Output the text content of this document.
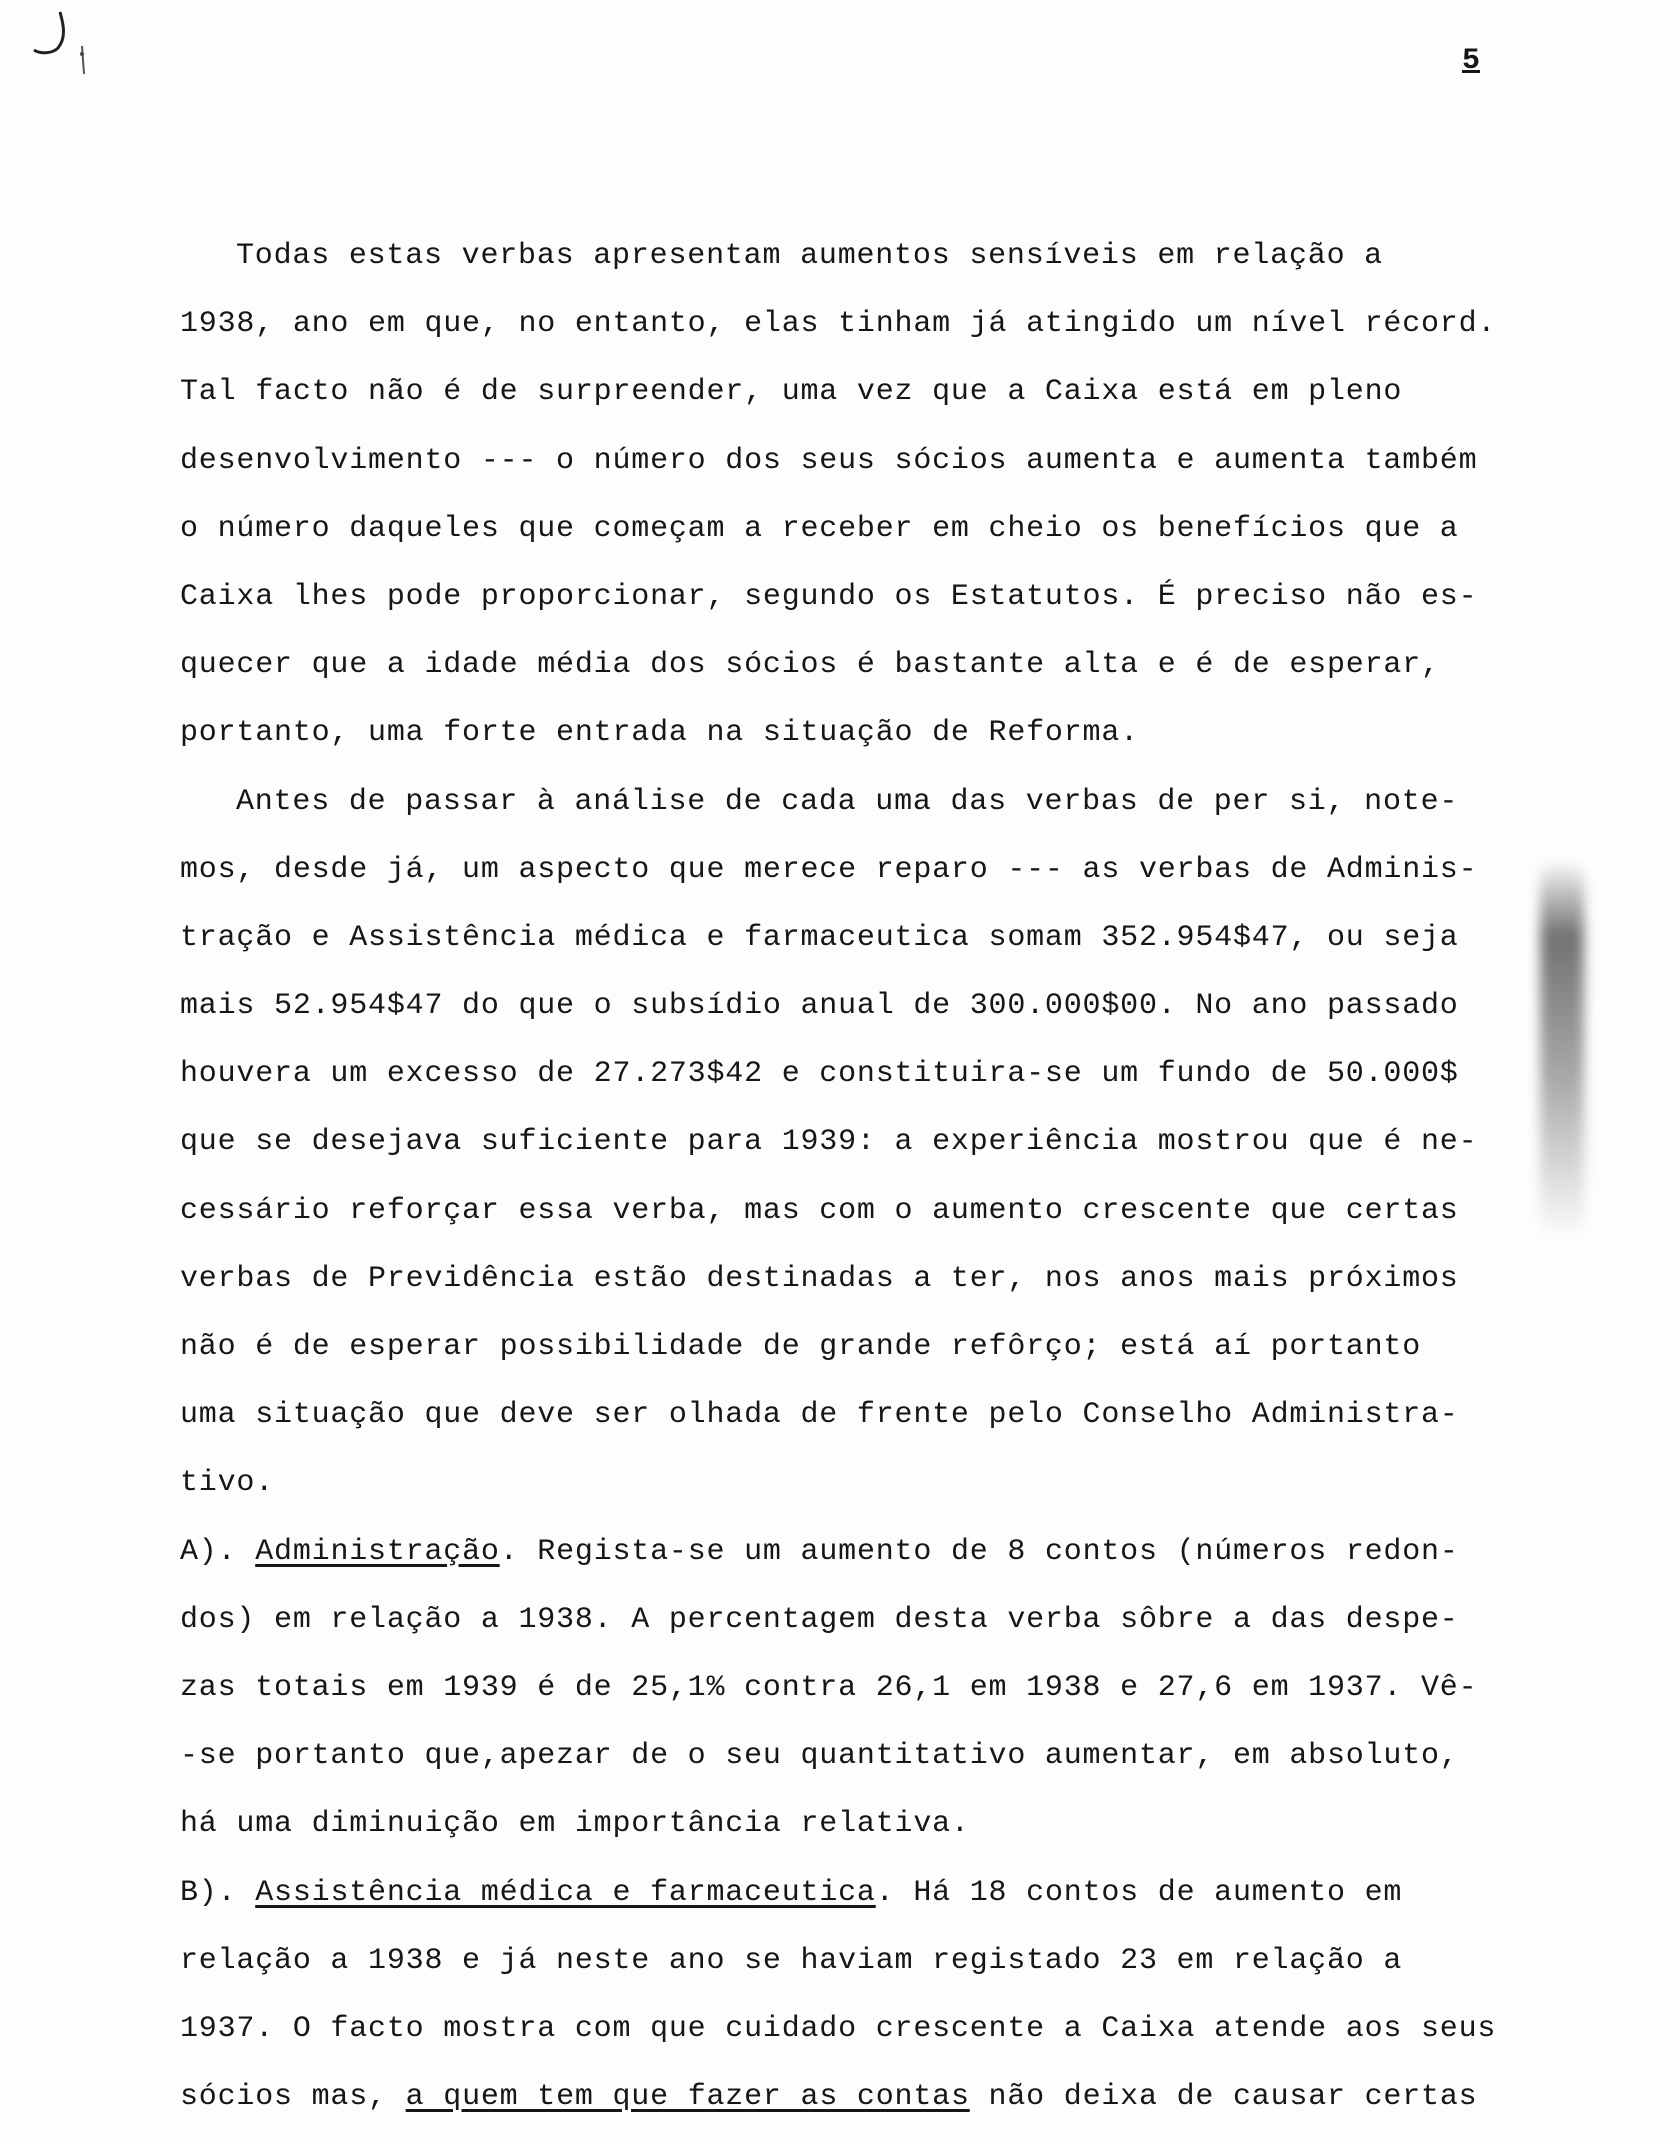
5
Todas estas verbas apresentam aumentos sensíveis em relação a
1938, ano em que, no entanto, elas tinham já atingido um nível récord.
Tal facto não é de surpreender, uma vez que a Caixa está em pleno
desenvolvimento --- o número dos seus sócios aumenta e aumenta também
o número daqueles que começam a receber em cheio os benefícios que a
Caixa lhes pode proporcionar, segundo os Estatutos. É preciso não es-
quecer que a idade média dos sócios é bastante alta e é de esperar,
portanto, uma forte entrada na situação de Reforma.
Antes de passar à análise de cada uma das verbas de per si, note-
mos, desde já, um aspecto que merece reparo --- as verbas de Adminis-
tração e Assistência médica e farmaceutica somam 352.954$47, ou seja
mais 52.954$47 do que o subsídio anual de 300.000$00. No ano passado
houvera um excesso de 27.273$42 e constituira-se um fundo de 50.000$
que se desejava suficiente para 1939: a experiência mostrou que é ne-
cessário reforçar essa verba, mas com o aumento crescente que certas
verbas de Previdência estão destinadas a ter, nos anos mais próximos
não é de esperar possibilidade de grande refôrço; está aí portanto
uma situação que deve ser olhada de frente pelo Conselho Administra-
tivo.
A). Administração. Regista-se um aumento de 8 contos (números redon-
dos) em relação a 1938. A percentagem desta verba sôbre a das despe-
zas totais em 1939 é de 25,1% contra 26,1 em 1938 e 27,6 em 1937. Vê-
-se portanto que,apezar de o seu quantitativo aumentar, em absoluto,
há uma diminuição em importância relativa.
B). Assistência médica e farmaceutica. Há 18 contos de aumento em
relação a 1938 e já neste ano se haviam registado 23 em relação a
1937. O facto mostra com que cuidado crescente a Caixa atende aos seus
sócios mas, a quem tem que fazer as contas não deixa de causar certas
